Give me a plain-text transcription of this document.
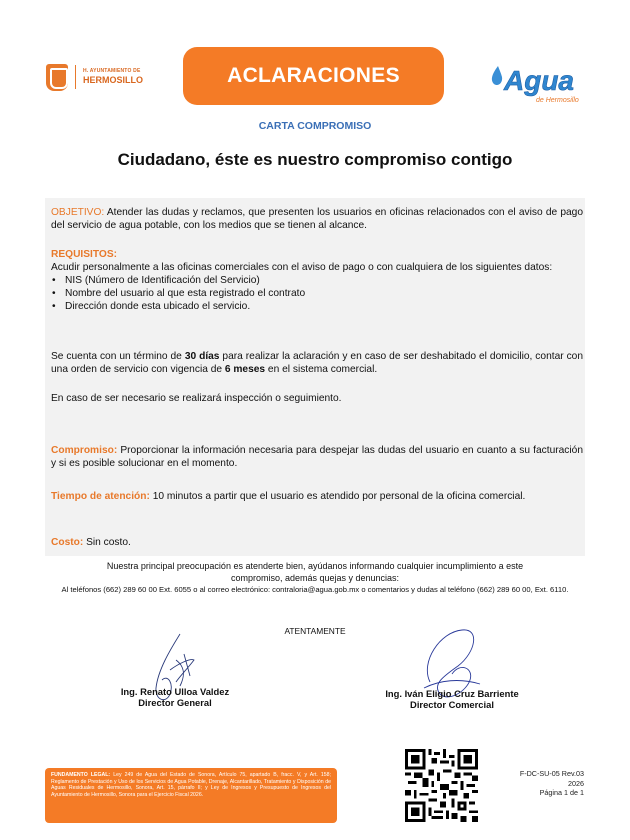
H. AYUNTAMIENTO DE
HERMOSILLO	ACLARACIONES	Agua
de Hermosillo
CARTA COMPROMISO
Ciudadano, éste es nuestro compromiso contigo
OBJETIVO: Atender las dudas y reclamos, que presenten los usuarios en oficinas relacionados con el aviso de pago del servicio de agua potable, con los medios que se tienen al alcance.
REQUISITOS:
Acudir personalmente a las oficinas comerciales con el aviso de pago o con cualquiera de los siguientes datos:
• NIS (Número de Identificación del Servicio)
• Nombre del usuario al que esta registrado el contrato
• Dirección donde esta ubicado el servicio.
Se cuenta con un término de 30 días para realizar la aclaración y en caso de ser deshabitado el domicilio, contar con una orden de servicio con vigencia de 6 meses en el sistema comercial.
En caso de ser necesario se realizará inspección o seguimiento.
Compromiso: Proporcionar la información necesaria para despejar las dudas del usuario en cuanto a su facturación y si es posible solucionar en el momento.
Tiempo de atención: 10 minutos a partir que el usuario es atendido por personal de la oficina comercial.
Costo: Sin costo.
Nuestra principal preocupación es atenderte bien, ayúdanos informando cualquier incumplimiento a este
compromiso, además quejas y denuncias:
Al teléfonos (662) 289 60 00 Ext. 6055 o al correo electrónico: contraloria@agua.gob.mx o comentarios y dudas al teléfono (662) 289 60 00, Ext. 6110.
ATENTAMENTE
Ing. Renato Ulloa Valdez
Director General
Ing. Iván Eligio Cruz Barriente
Director Comercial
FUNDAMENTO LEGAL: Ley 249 de Agua del Estado de Sonora, Artículo 75, apartado B, fracc. V, y Art. 158; Reglamento de Prestación y Uso de los Servicios de Agua Potable, Drenaje, Alcantarillado, Tratamiento y Disposición de Aguas Residuales de Hermosillo, Sonora, Art. 15, párrafo II; y Ley de Ingresos y Presupuesto de Ingresos del Ayuntamiento de Hermosillo, Sonora para el Ejercicio Fiscal 2026.
F-DC-SU-05 Rev.03
2026
Página 1 de 1
